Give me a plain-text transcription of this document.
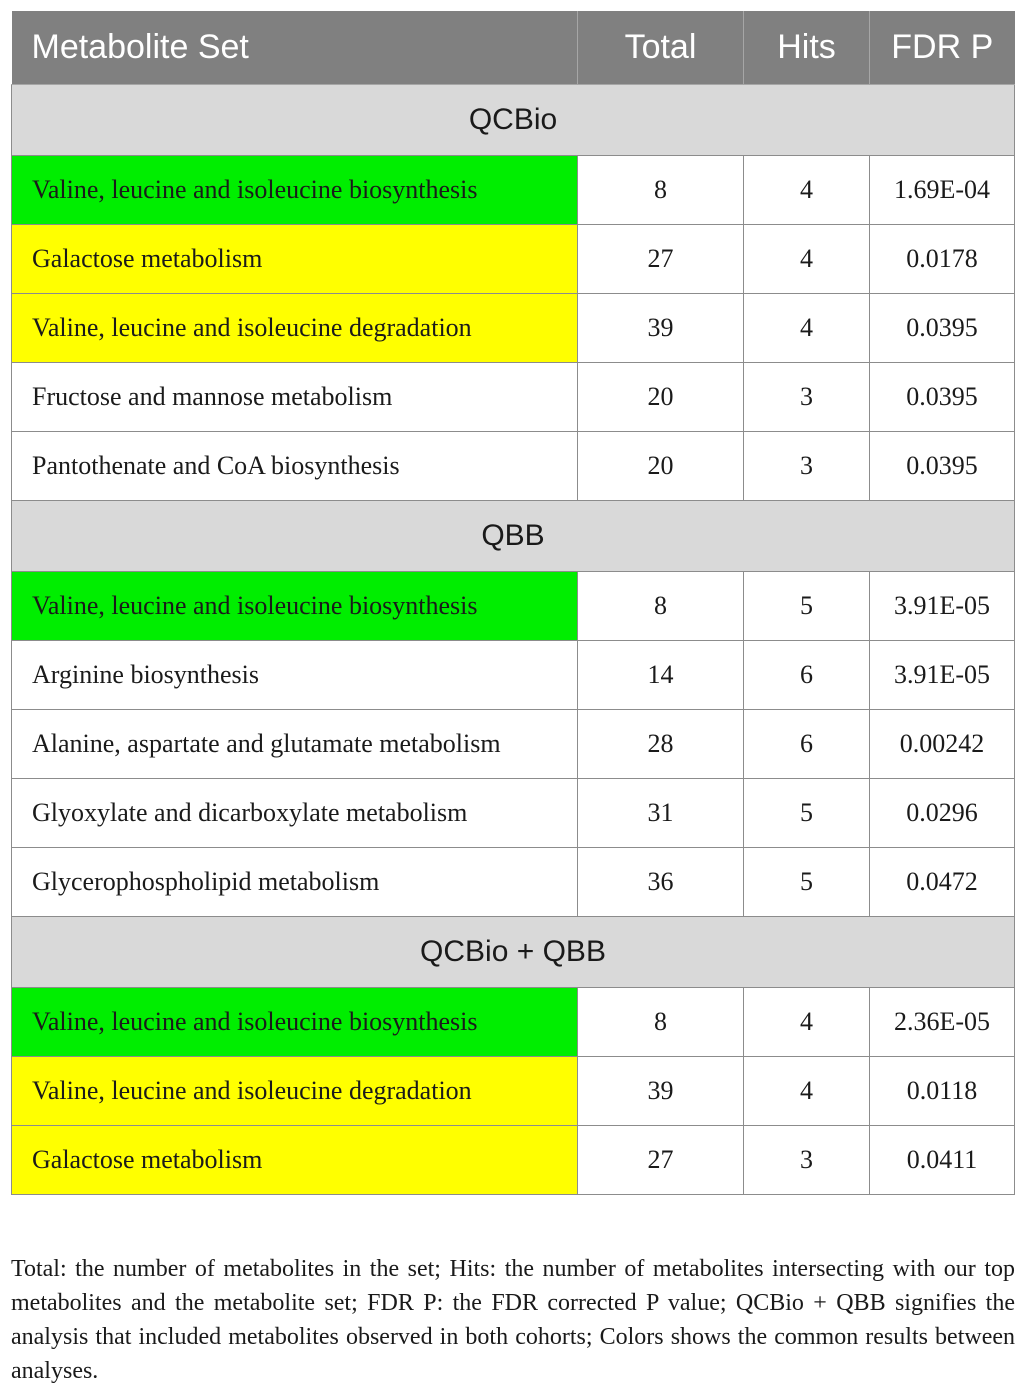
Metabolite Set	Total	Hits	FDR P
QCBio			
Valine, leucine and isoleucine biosynthesis	8	4	1.69E-04
Galactose metabolism	27	4	0.0178
Valine, leucine and isoleucine degradation	39	4	0.0395
Fructose and mannose metabolism	20	3	0.0395
Pantothenate and CoA biosynthesis	20	3	0.0395
QBB			
Valine, leucine and isoleucine biosynthesis	8	5	3.91E-05
Arginine biosynthesis	14	6	3.91E-05
Alanine, aspartate and glutamate metabolism	28	6	0.00242
Glyoxylate and dicarboxylate metabolism	31	5	0.0296
Glycerophospholipid metabolism	36	5	0.0472
QCBio + QBB			
Valine, leucine and isoleucine biosynthesis	8	4	2.36E-05
Valine, leucine and isoleucine degradation	39	4	0.0118
Galactose metabolism	27	3	0.0411

Total: the number of metabolites in the set; Hits: the number of metabolites intersecting with our top metabolites and the metabolite set; FDR P: the FDR corrected P value; QCBio + QBB signifies the analysis that included metabolites observed in both cohorts; Colors shows the common results between analyses.
